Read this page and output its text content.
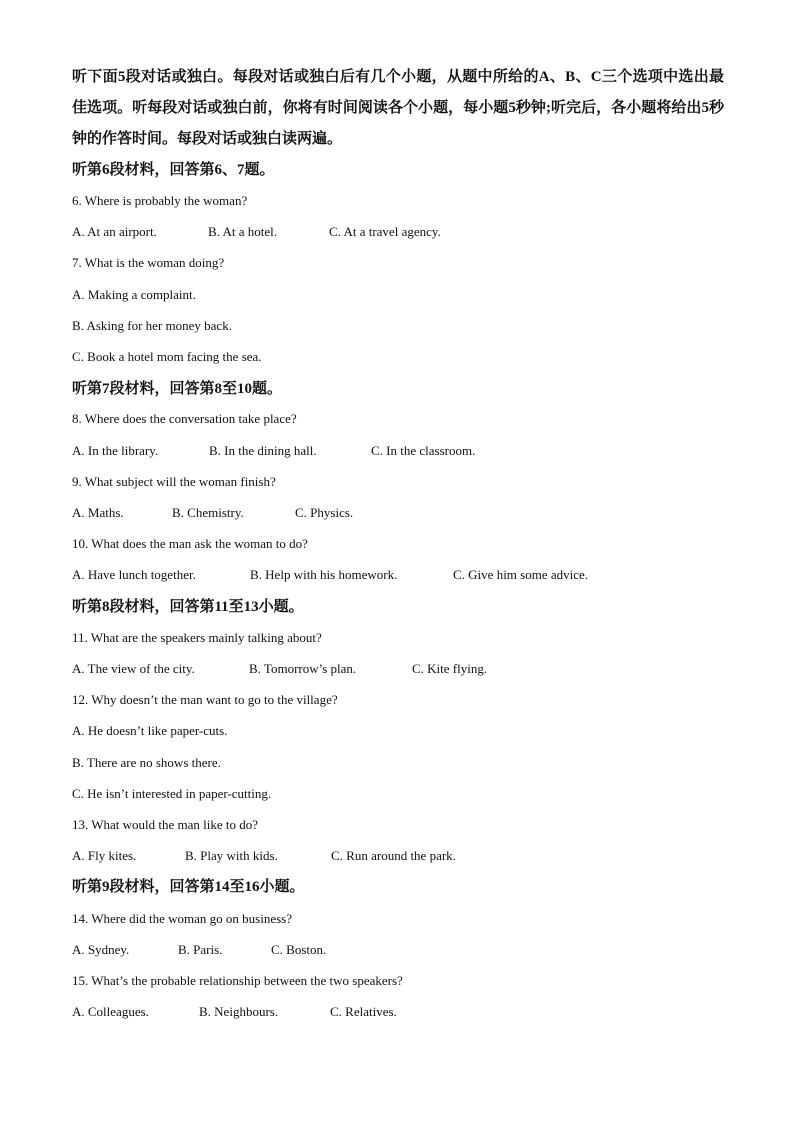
听下面5段对话或独白。每段对话或独白后有几个小题，从题中所给的A、B、C三个选项中选出最佳选项。听每段对话或独白前，你将有时间阅读各个小题，每小题5秒钟;听完后，各小题将给出5秒钟的作答时间。每段对话或独白读两遍。
听第6段材料，回答第6、7题。
6. Where is probably the woman?
A. At an airport.	B. At a hotel.	C. At a travel agency.
7. What is the woman doing?
A. Making a complaint.
B. Asking for her money back.
C. Book a hotel mom facing the sea.
听第7段材料，回答第8至10题。
8. Where does the conversation take place?
A. In the library.	B. In the dining hall.	C. In the classroom.
9. What subject will the woman finish?
A. Maths.	B. Chemistry.	C. Physics.
10. What does the man ask the woman to do?
A. Have lunch together.	B. Help with his homework.	C. Give him some advice.
听第8段材料，回答第11至13小题。
11. What are the speakers mainly talking about?
A. The view of the city.	B. Tomorrow’s plan.	C. Kite flying.
12. Why doesn’t the man want to go to the village?
A. He doesn’t like paper-cuts.
B. There are no shows there.
C. He isn’t interested in paper-cutting.
13. What would the man like to do?
A. Fly kites.	B. Play with kids.	C. Run around the park.
听第9段材料，回答第14至16小题。
14. Where did the woman go on business?
A. Sydney.	B. Paris.	C. Boston.
15. What’s the probable relationship between the two speakers?
A. Colleagues.	B. Neighbours.	C. Relatives.
